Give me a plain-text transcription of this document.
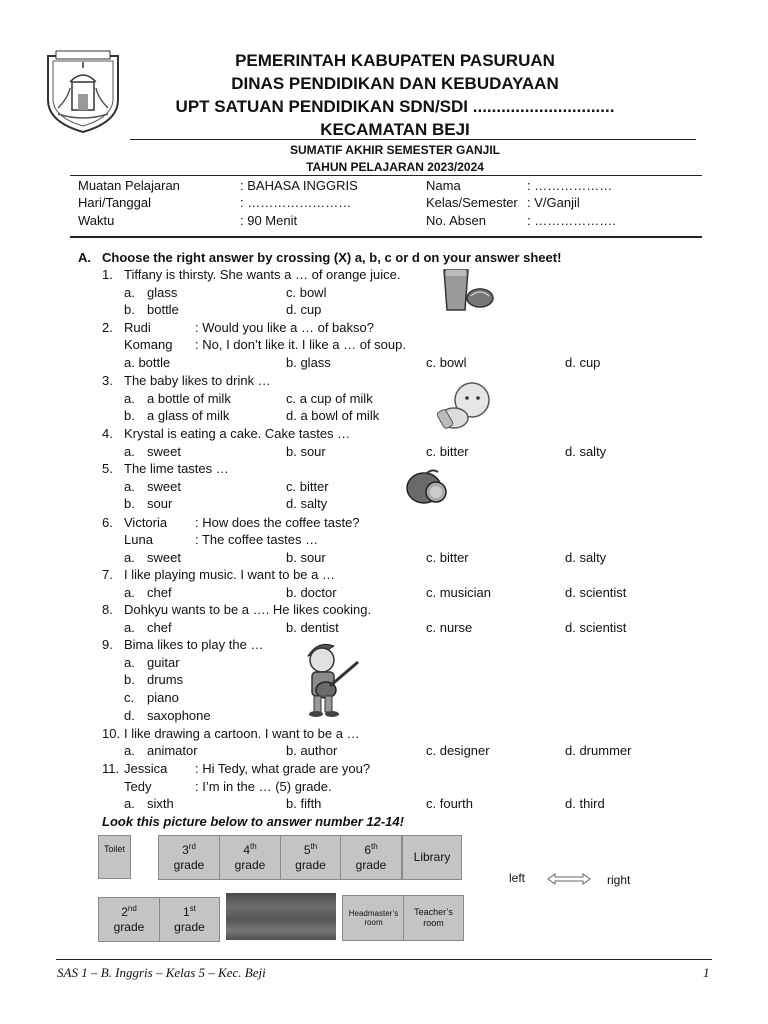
PEMERINTAH KABUPATEN PASURUAN
DINAS PENDIDIKAN DAN KEBUDAYAAN
UPT SATUAN PENDIDIKAN SDN/SDI ..............................
KECAMATAN BEJI
SUMATIF AKHIR SEMESTER GANJIL
TAHUN PELAJARAN 2023/2024
Muatan Pelajaran	: BAHASA INGGRIS	Nama	: ………………
Hari/Tanggal	: ……………………	Kelas/Semester : V/Ganjil
Waktu	: 90 Menit	No. Absen	: ……………….
A. Choose the right answer by crossing (X) a, b, c or d on your answer sheet!
1. Tiffany is thirsty. She wants a … of orange juice.
a. glass	c. bowl
b. bottle	d. cup
2. Rudi	: Would you like a … of bakso?
Komang : No, I don’t like it. I like a … of soup.
a. bottle	b. glass	c. bowl	d. cup
3. The baby likes to drink …
a. a bottle of milk	c. a cup of milk
b. a glass of milk	d. a bowl of milk
4. Krystal is eating a cake. Cake tastes …
a. sweet	b. sour	c. bitter	d. salty
5. The lime tastes …
a. sweet	c. bitter
b. sour	d. salty
6. Victoria : How does the coffee taste?
Luna	: The coffee tastes …
a. sweet	b. sour	c. bitter	d. salty
7. I like playing music. I want to be a …
a. chef	b. doctor	c. musician	d. scientist
8. Dohkyu wants to be a …. He likes cooking.
a. chef	b. dentist	c. nurse	d. scientist
9. Bima likes to play the …
a. guitar
b. drums
c. piano
d. saxophone
10. I like drawing a cartoon. I want to be a …
a. animator	b. author	c. designer	d. drummer
11. Jessica : Hi Tedy, what grade are you?
Tedy	: I’m in the … (5) grade.
a. sixth	b. fifth	c. fourth	d. third
Look this picture below to answer number 12-14!
Toilet	3rd
grade
4th
grade
5th
grade
6th
grade
Library
left	right
2nd
grade
1st
grade
Headmaster’s room
Teacher’s room
SAS 1 – B. Inggris – Kelas 5 – Kec. Beji	1
